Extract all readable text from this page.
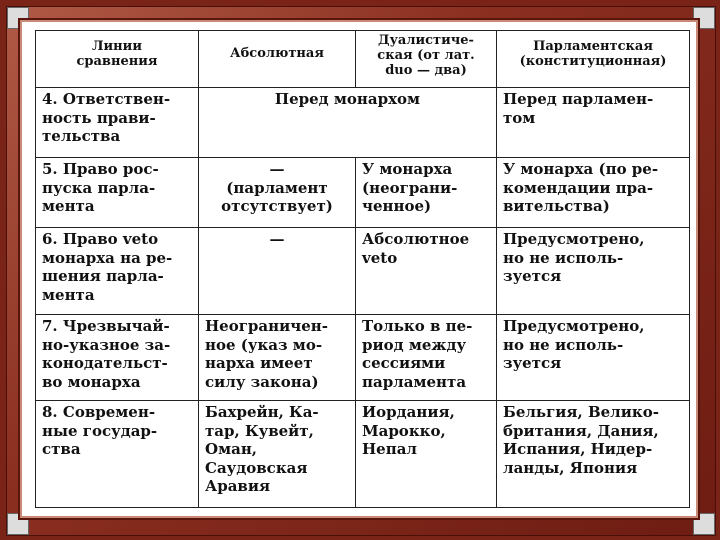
Линии
сравнения
Абсолютная
Дуалистиче-
ская (от лат.
duo — два)
Парламентская
(конституционная)
4. Ответствен-
ность прави-
тельства
Перед монархом	Перед парламен-
том
5. Право рос-
пуска парла-
мента
—
(парламент
отсутствует)
У монарха
(неограни-
ченное)
У монарха (по ре-
комендации пра-
вительства)
6. Право veto
монарха на ре-
шения парла-
мента
—	Абсолютное
veto
Предусмотрено,
но не исполь-
зуется
7. Чрезвычай-
но-указное за-
конодательст-
во монарха
Неограничен-
ное (указ мо-
нарха имеет
силу закона)
Только в пе-
риод между
сессиями
парламента
Предусмотрено,
но не исполь-
зуется
8. Современ-
ные государ-
ства
Бахрейн, Ка-
тар, Кувейт,
Оман,
Саудовская
Аравия
Иордания,
Марокко,
Непал
Бельгия, Велико-
британия, Дания,
Испания, Нидер-
ланды, Япония
